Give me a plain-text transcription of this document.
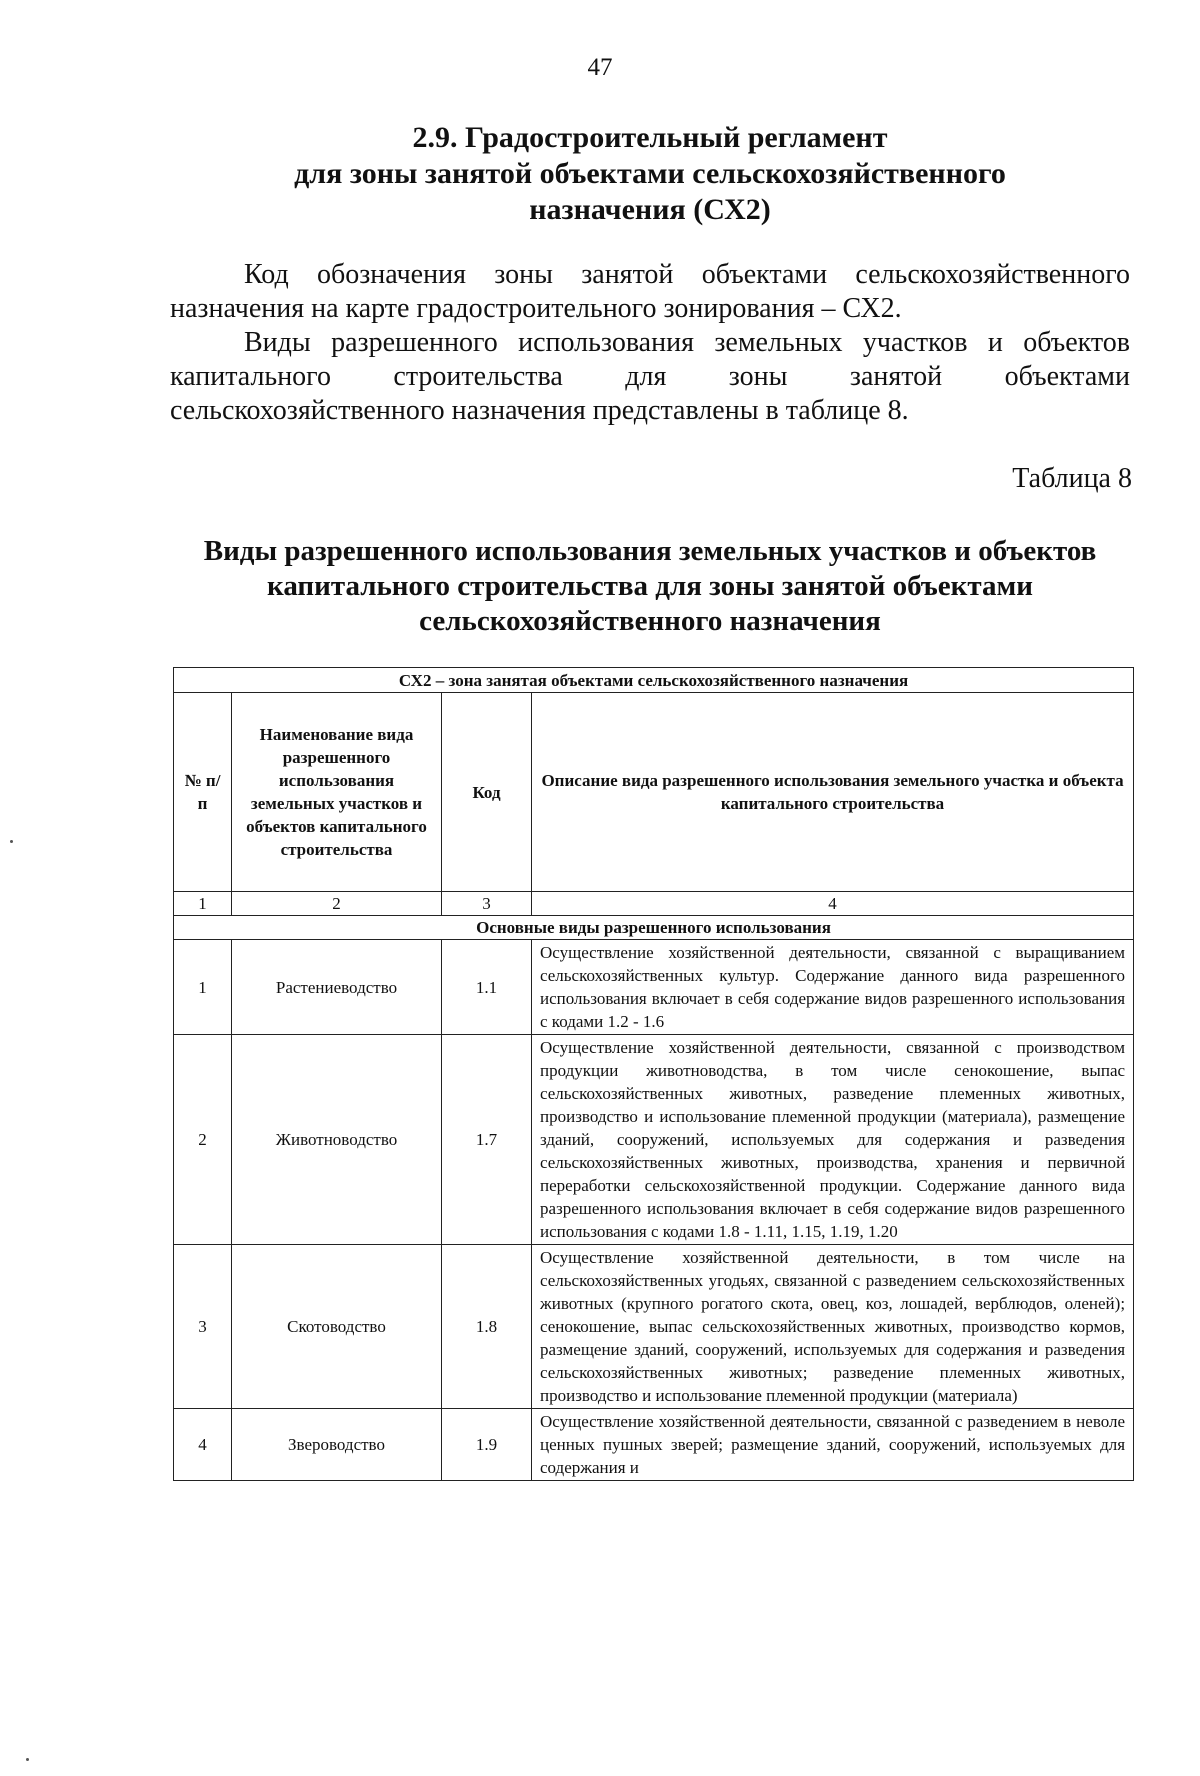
47
2.9. Градостроительный регламент
для зоны занятой объектами сельскохозяйственного
назначения (СХ2)

Код обозначения зоны занятой объектами сельскохозяйственного назначения на карте градостроительного зонирования – СХ2.

Виды разрешенного использования земельных участков и объектов капитального строительства для зоны занятой объектами сельскохозяйственного назначения представлены в таблице 8.

Таблица 8
Виды разрешенного использования земельных участков и объектов
капитального строительства для зоны занятой объектами
сельскохозяйственного назначения
СХ2 – зона занятая объектами сельскохозяйственного назначения			
№ п/п	Наименование вида разрешенного использования земельных участков и объектов капитального строительства	Код	Описание вида разрешенного использования земельного участка и объекта капитального строительства
1	2	3	4
Основные виды разрешенного использования			
1	Растениеводство	1.1	Осуществление хозяйственной деятельности, связанной с выращиванием сельскохозяйственных культур. Содержание данного вида разрешенного использования включает в себя содержание видов разрешенного использования с кодами 1.2 - 1.6
2	Животноводство	1.7	Осуществление хозяйственной деятельности, связанной с производством продукции животноводства, в том числе сенокошение, выпас сельскохозяйственных животных, разведение племенных животных, производство и использование племенной продукции (материала), размещение зданий, сооружений, используемых для содержания и разведения сельскохозяйственных животных, производства, хранения и первичной переработки сельскохозяйственной продукции. Содержание данного вида разрешенного использования включает в себя содержание видов разрешенного использования с кодами 1.8 - 1.11, 1.15, 1.19, 1.20
3	Скотоводство	1.8	Осуществление хозяйственной деятельности, в том числе на сельскохозяйственных угодьях, связанной с разведением сельскохозяйственных животных (крупного рогатого скота, овец, коз, лошадей, верблюдов, оленей); сенокошение, выпас сельскохозяйственных животных, производство кормов, размещение зданий, сооружений, используемых для содержания и разведения сельскохозяйственных животных; разведение племенных животных, производство и использование племенной продукции (материала)
4	Звероводство	1.9	Осуществление хозяйственной деятельности, связанной с разведением в неволе ценных пушных зверей; размещение зданий, сооружений, используемых для содержания и
